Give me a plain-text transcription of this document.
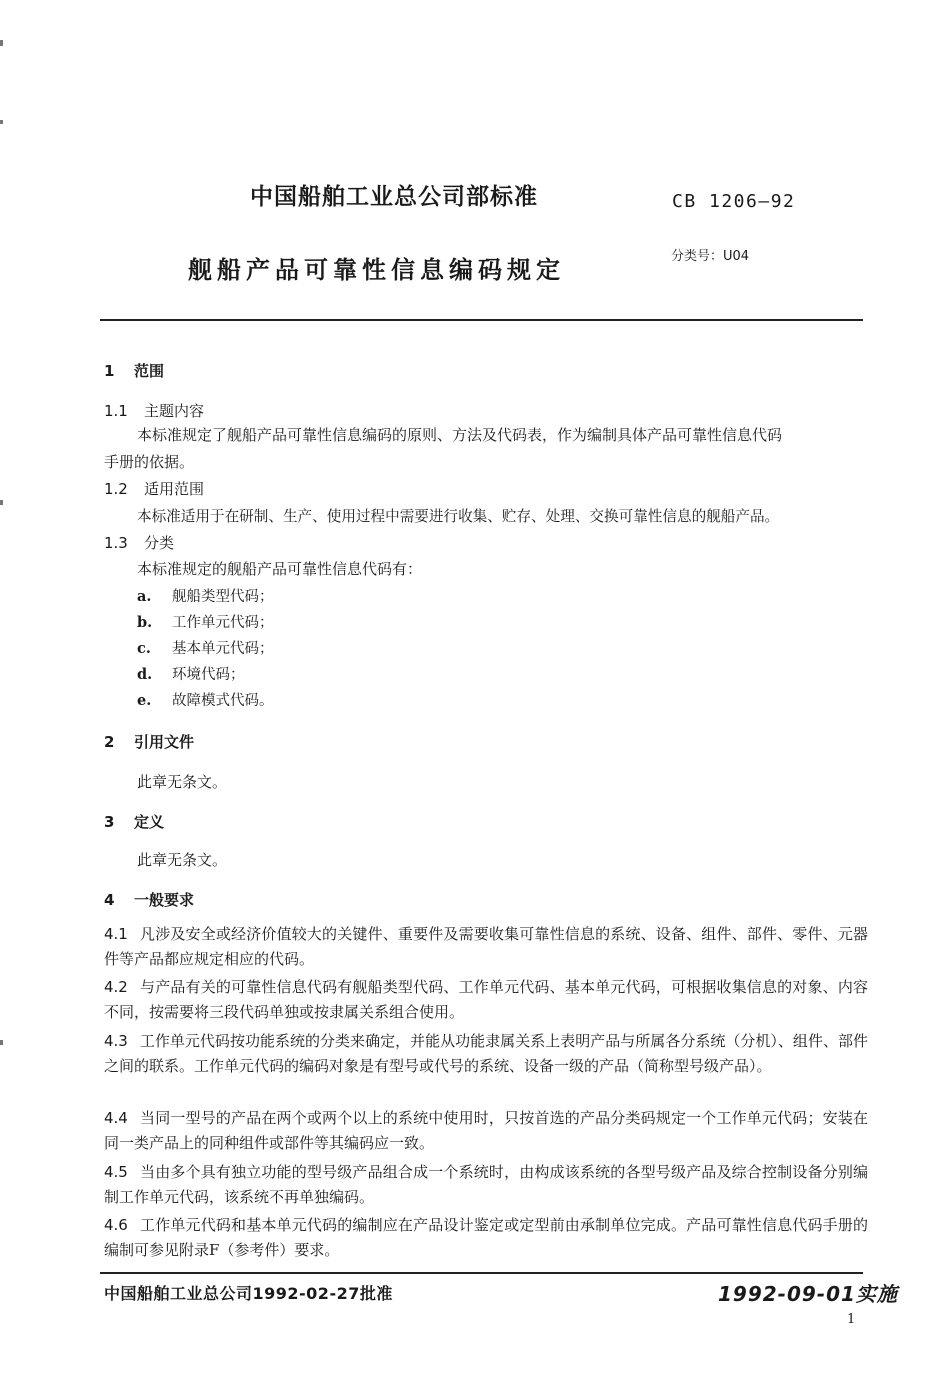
中国船舶工业总公司部标准	CB 1206—92
舰船产品可靠性信息编码规定	分类号：U04
1 范围
1.1 主题内容
本标准规定了舰船产品可靠性信息编码的原则、方法及代码表，作为编制具体产品可靠性信息代码
手册的依据。
1.2 适用范围
本标准适用于在研制、生产、使用过程中需要进行收集、贮存、处理、交换可靠性信息的舰船产品。
1.3 分类
本标准规定的舰船产品可靠性信息代码有：
a. 舰船类型代码；
b. 工作单元代码；
c. 基本单元代码；
d. 环境代码；
e. 故障模式代码。
2 引用文件
此章无条文。
3 定义
此章无条文。
4 一般要求
4.1 凡涉及安全或经济价值较大的关键件、重要件及需要收集可靠性信息的系统、设备、组件、部件、零件、元器件等产品都应规定相应的代码。
4.2 与产品有关的可靠性信息代码有舰船类型代码、工作单元代码、基本单元代码，可根据收集信息的对象、内容不同，按需要将三段代码单独或按隶属关系组合使用。
4.3 工作单元代码按功能系统的分类来确定，并能从功能隶属关系上表明产品与所属各分系统（分机）、组件、部件之间的联系。工作单元代码的编码对象是有型号或代号的系统、设备一级的产品（简称型号级产品）。
4.4 当同一型号的产品在两个或两个以上的系统中使用时，只按首选的产品分类码规定一个工作单元代码；安装在同一类产品上的同种组件或部件等其编码应一致。
4.5 当由多个具有独立功能的型号级产品组合成一个系统时，由构成该系统的各型号级产品及综合控制设备分别编制工作单元代码，该系统不再单独编码。
4.6 工作单元代码和基本单元代码的编制应在产品设计鉴定或定型前由承制单位完成。产品可靠性信息代码手册的编制可参见附录F（参考件）要求。
中国船舶工业总公司1992-02-27批准	1992-09-01实施
1
